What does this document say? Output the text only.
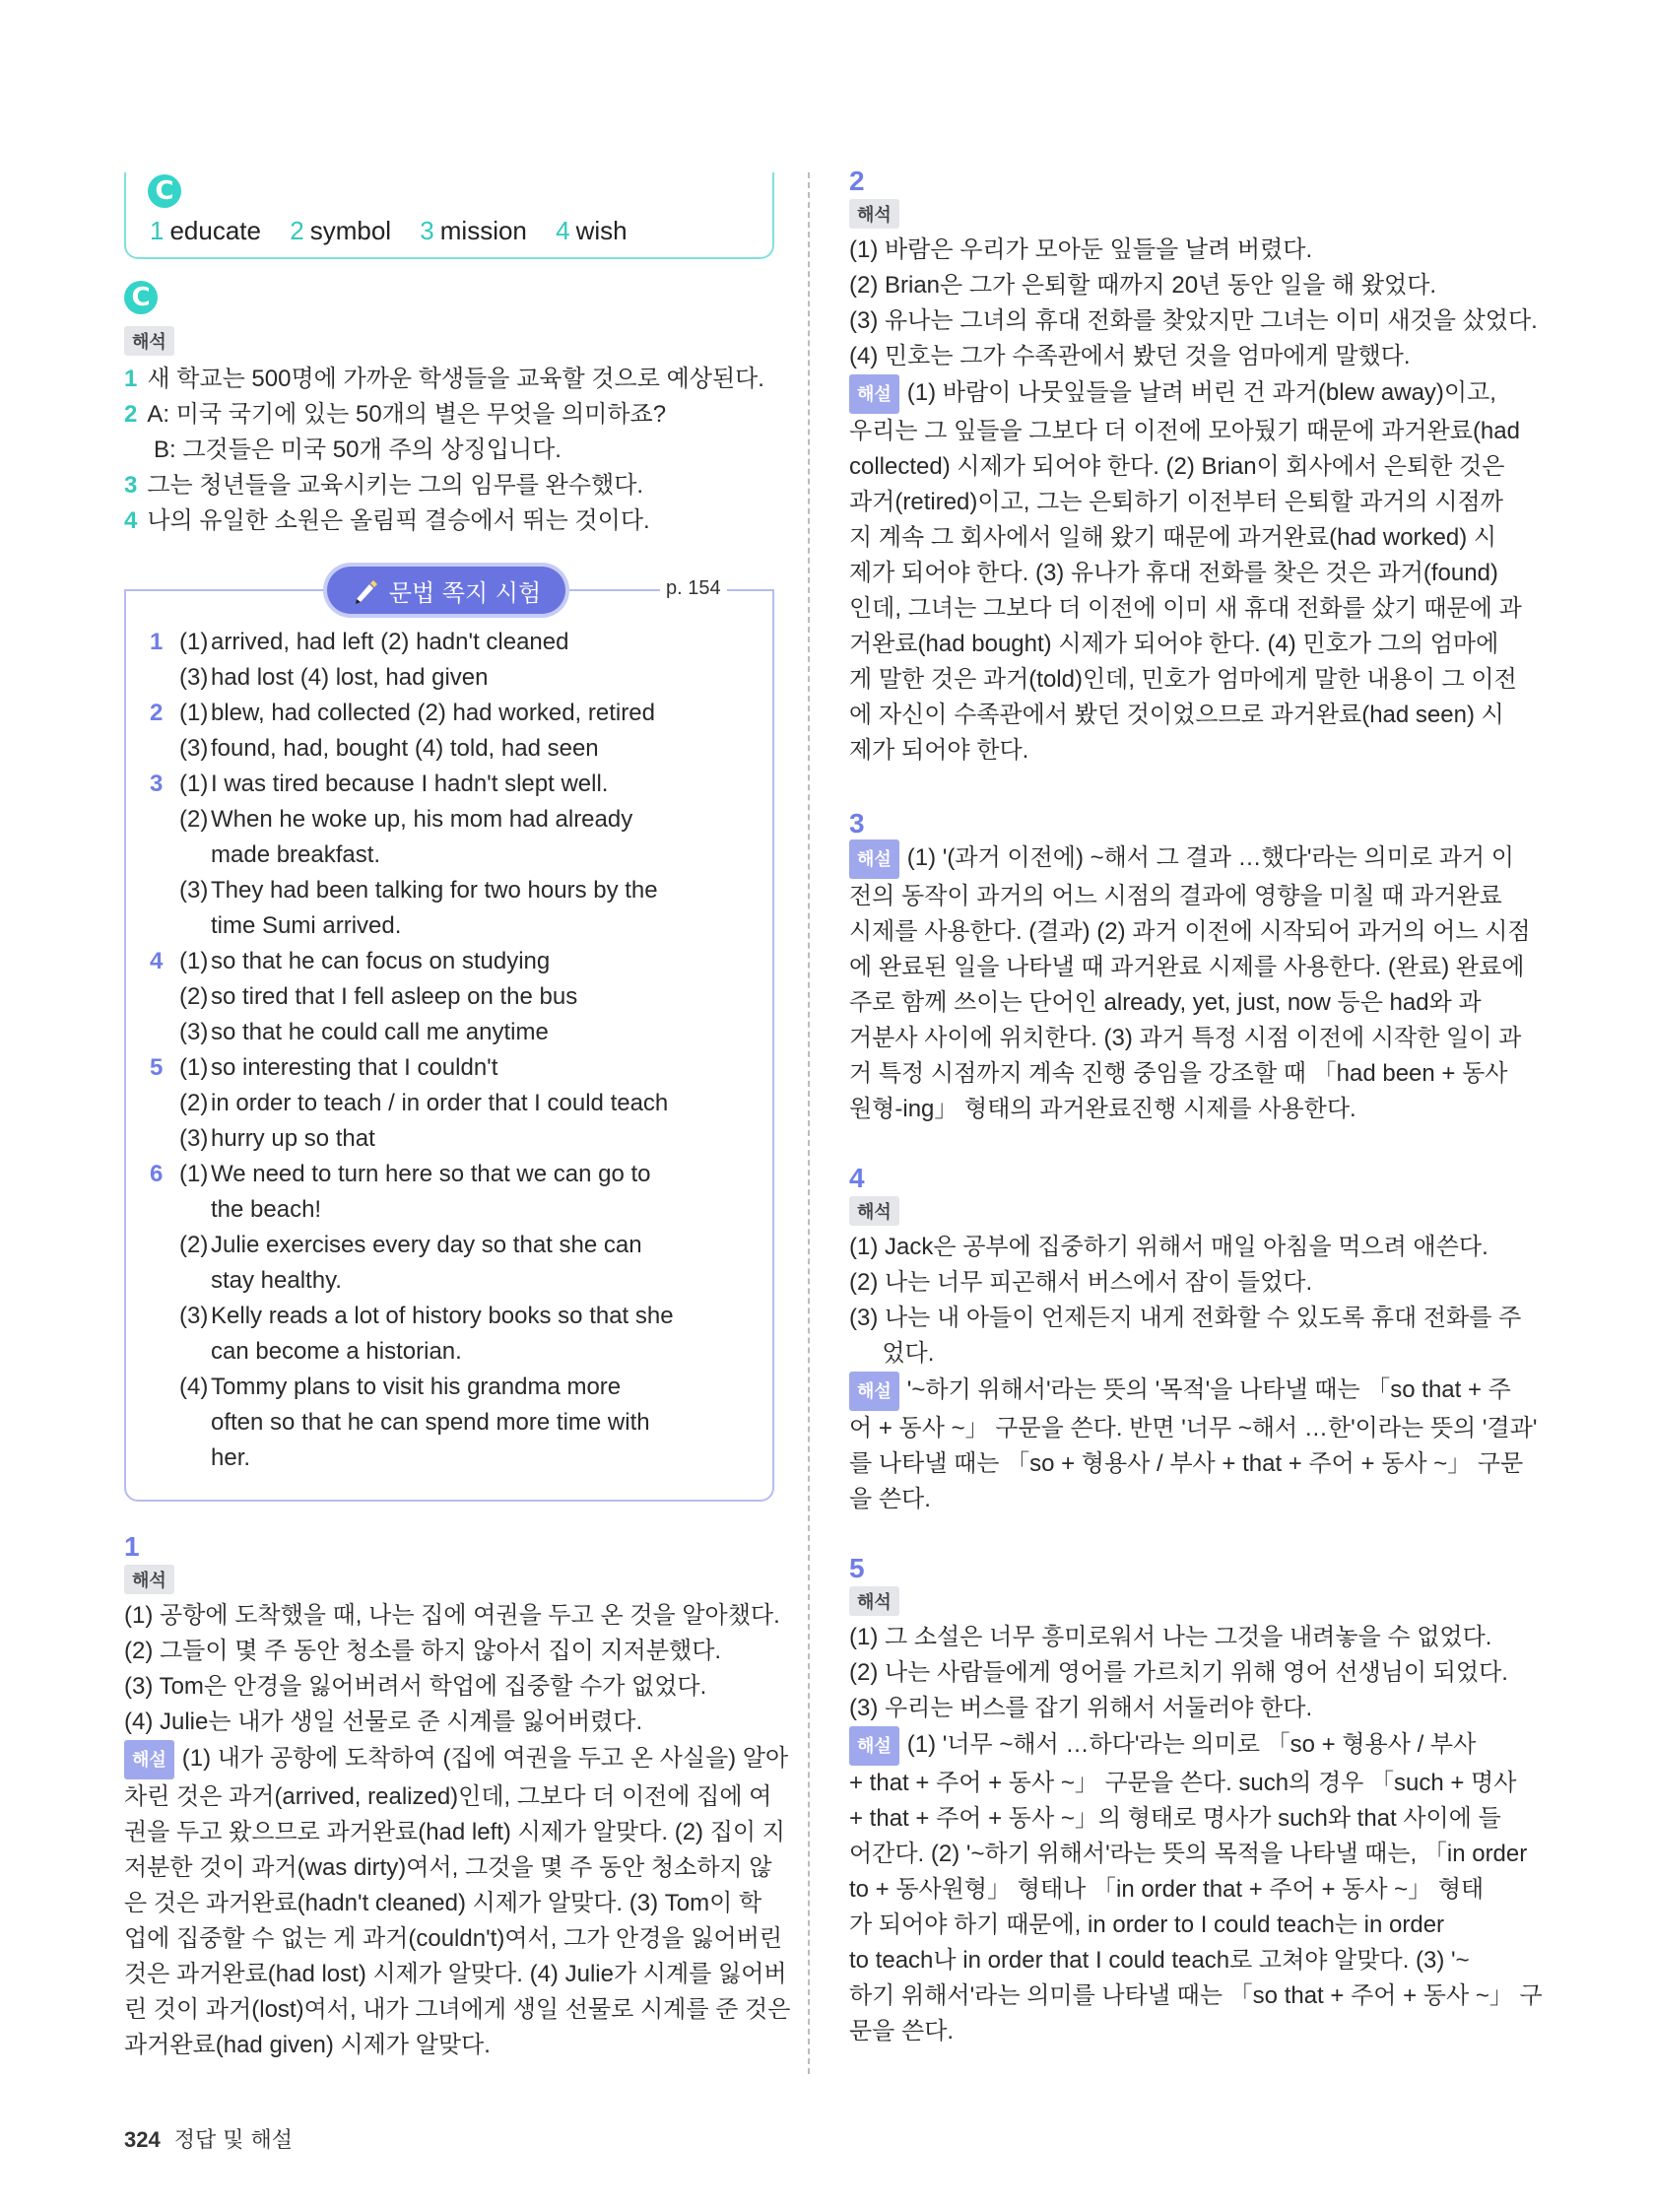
C
1 educate 2 symbol 3 mission 4 wish
C
해석
1 새 학교는 500명에 가까운 학생들을 교육할 것으로 예상된다.
2 A: 미국 국기에 있는 50개의 별은 무엇을 의미하죠?
B: 그것들은 미국 50개 주의 상징입니다.
3 그는 청년들을 교육시키는 그의 임무를 완수했다.
4 나의 유일한 소원은 올림픽 결승에서 뛰는 것이다.
문법 쪽지 시험	p. 154
1 (1) arrived, had left (2) hadn't cleaned
(3) had lost (4) lost, had given
2 (1) blew, had collected (2) had worked, retired
(3) found, had, bought (4) told, had seen
3 (1) I was tired because I hadn't slept well.
(2) When he woke up, his mom had already
made breakfast.
(3) They had been talking for two hours by the
time Sumi arrived.
4 (1) so that he can focus on studying
(2) so tired that I fell asleep on the bus
(3) so that he could call me anytime
5 (1) so interesting that I couldn't
(2) in order to teach / in order that I could teach
(3) hurry up so that
6 (1) We need to turn here so that we can go to
the beach!
(2) Julie exercises every day so that she can
stay healthy.
(3) Kelly reads a lot of history books so that she
can become a historian.
(4) Tommy plans to visit his grandma more
often so that he can spend more time with
her.
1
해석
(1) 공항에 도착했을 때, 나는 집에 여권을 두고 온 것을 알아챘다.
(2) 그들이 몇 주 동안 청소를 하지 않아서 집이 지저분했다.
(3) Tom은 안경을 잃어버려서 학업에 집중할 수가 없었다.
(4) Julie는 내가 생일 선물로 준 시계를 잃어버렸다.
해설 (1) 내가 공항에 도착하여 (집에 여권을 두고 온 사실을) 알아
차린 것은 과거(arrived, realized)인데, 그보다 더 이전에 집에 여
권을 두고 왔으므로 과거완료(had left) 시제가 알맞다. (2) 집이 지
저분한 것이 과거(was dirty)여서, 그것을 몇 주 동안 청소하지 않
은 것은 과거완료(hadn't cleaned) 시제가 알맞다. (3) Tom이 학
업에 집중할 수 없는 게 과거(couldn't)여서, 그가 안경을 잃어버린
것은 과거완료(had lost) 시제가 알맞다. (4) Julie가 시계를 잃어버
린 것이 과거(lost)여서, 내가 그녀에게 생일 선물로 시계를 준 것은
과거완료(had given) 시제가 알맞다.
2
해석
(1) 바람은 우리가 모아둔 잎들을 날려 버렸다.
(2) Brian은 그가 은퇴할 때까지 20년 동안 일을 해 왔었다.
(3) 유나는 그녀의 휴대 전화를 찾았지만 그녀는 이미 새것을 샀었다.
(4) 민호는 그가 수족관에서 봤던 것을 엄마에게 말했다.
해설 (1) 바람이 나뭇잎들을 날려 버린 건 과거(blew away)이고,
우리는 그 잎들을 그보다 더 이전에 모아뒀기 때문에 과거완료(had
collected) 시제가 되어야 한다. (2) Brian이 회사에서 은퇴한 것은
과거(retired)이고, 그는 은퇴하기 이전부터 은퇴할 과거의 시점까
지 계속 그 회사에서 일해 왔기 때문에 과거완료(had worked) 시
제가 되어야 한다. (3) 유나가 휴대 전화를 찾은 것은 과거(found)
인데, 그녀는 그보다 더 이전에 이미 새 휴대 전화를 샀기 때문에 과
거완료(had bought) 시제가 되어야 한다. (4) 민호가 그의 엄마에
게 말한 것은 과거(told)인데, 민호가 엄마에게 말한 내용이 그 이전
에 자신이 수족관에서 봤던 것이었으므로 과거완료(had seen) 시
제가 되어야 한다.
3
해설 (1) '(과거 이전에) ~해서 그 결과 …했다'라는 의미로 과거 이
전의 동작이 과거의 어느 시점의 결과에 영향을 미칠 때 과거완료
시제를 사용한다. (결과) (2) 과거 이전에 시작되어 과거의 어느 시점
에 완료된 일을 나타낼 때 과거완료 시제를 사용한다. (완료) 완료에
주로 함께 쓰이는 단어인 already, yet, just, now 등은 had와 과
거분사 사이에 위치한다. (3) 과거 특정 시점 이전에 시작한 일이 과
거 특정 시점까지 계속 진행 중임을 강조할 때 「had been + 동사
원형-ing」 형태의 과거완료진행 시제를 사용한다.
4
해석
(1) Jack은 공부에 집중하기 위해서 매일 아침을 먹으려 애쓴다.
(2) 나는 너무 피곤해서 버스에서 잠이 들었다.
(3) 나는 내 아들이 언제든지 내게 전화할 수 있도록 휴대 전화를 주
었다.
해설 '~하기 위해서'라는 뜻의 '목적'을 나타낼 때는 「so that + 주
어 + 동사 ~」 구문을 쓴다. 반면 '너무 ~해서 …한'이라는 뜻의 '결과'
를 나타낼 때는 「so + 형용사 / 부사 + that + 주어 + 동사 ~」 구문
을 쓴다.
5
해석
(1) 그 소설은 너무 흥미로워서 나는 그것을 내려놓을 수 없었다.
(2) 나는 사람들에게 영어를 가르치기 위해 영어 선생님이 되었다.
(3) 우리는 버스를 잡기 위해서 서둘러야 한다.
해설 (1) '너무 ~해서 …하다'라는 의미로 「so + 형용사 / 부사
+ that + 주어 + 동사 ~」 구문을 쓴다. such의 경우 「such + 명사
+ that + 주어 + 동사 ~」의 형태로 명사가 such와 that 사이에 들
어간다. (2) '~하기 위해서'라는 뜻의 목적을 나타낼 때는, 「in order
to + 동사원형」 형태나 「in order that + 주어 + 동사 ~」 형태
가 되어야 하기 때문에, in order to I could teach는 in order
to teach나 in order that I could teach로 고쳐야 알맞다. (3) '~
하기 위해서'라는 의미를 나타낼 때는 「so that + 주어 + 동사 ~」 구
문을 쓴다.
324 정답 및 해설
